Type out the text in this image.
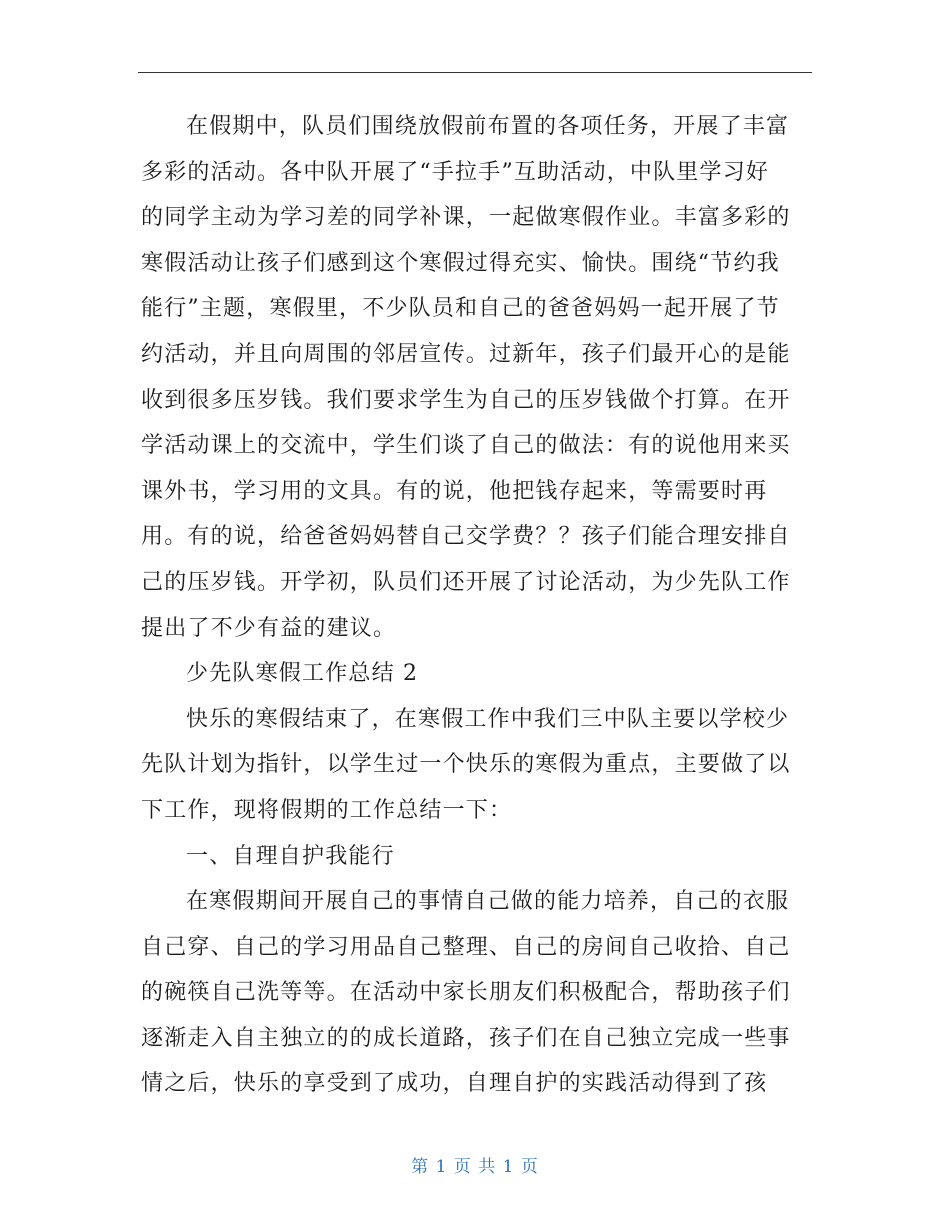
在假期中，队员们围绕放假前布置的各项任务，开展了丰富
多彩的活动。各中队开展了“手拉手”互助活动，中队里学习好
的同学主动为学习差的同学补课，一起做寒假作业。丰富多彩的
寒假活动让孩子们感到这个寒假过得充实、愉快。围绕“节约我
能行”主题，寒假里，不少队员和自己的爸爸妈妈一起开展了节
约活动，并且向周围的邻居宣传。过新年，孩子们最开心的是能
收到很多压岁钱。我们要求学生为自己的压岁钱做个打算。在开
学活动课上的交流中，学生们谈了自己的做法：有的说他用来买
课外书，学习用的文具。有的说，他把钱存起来，等需要时再
用。有的说，给爸爸妈妈替自己交学费？？孩子们能合理安排自
己的压岁钱。开学初，队员们还开展了讨论活动，为少先队工作
提出了不少有益的建议。
少先队寒假工作总结 2
快乐的寒假结束了，在寒假工作中我们三中队主要以学校少
先队计划为指针，以学生过一个快乐的寒假为重点，主要做了以
下工作，现将假期的工作总结一下：
一、自理自护我能行
在寒假期间开展自己的事情自己做的能力培养，自己的衣服
自己穿、自己的学习用品自己整理、自己的房间自己收拾、自己
的碗筷自己洗等等。在活动中家长朋友们积极配合，帮助孩子们
逐渐走入自主独立的的成长道路，孩子们在自己独立完成一些事
情之后，快乐的享受到了成功，自理自护的实践活动得到了孩
第 1 页 共 1 页
